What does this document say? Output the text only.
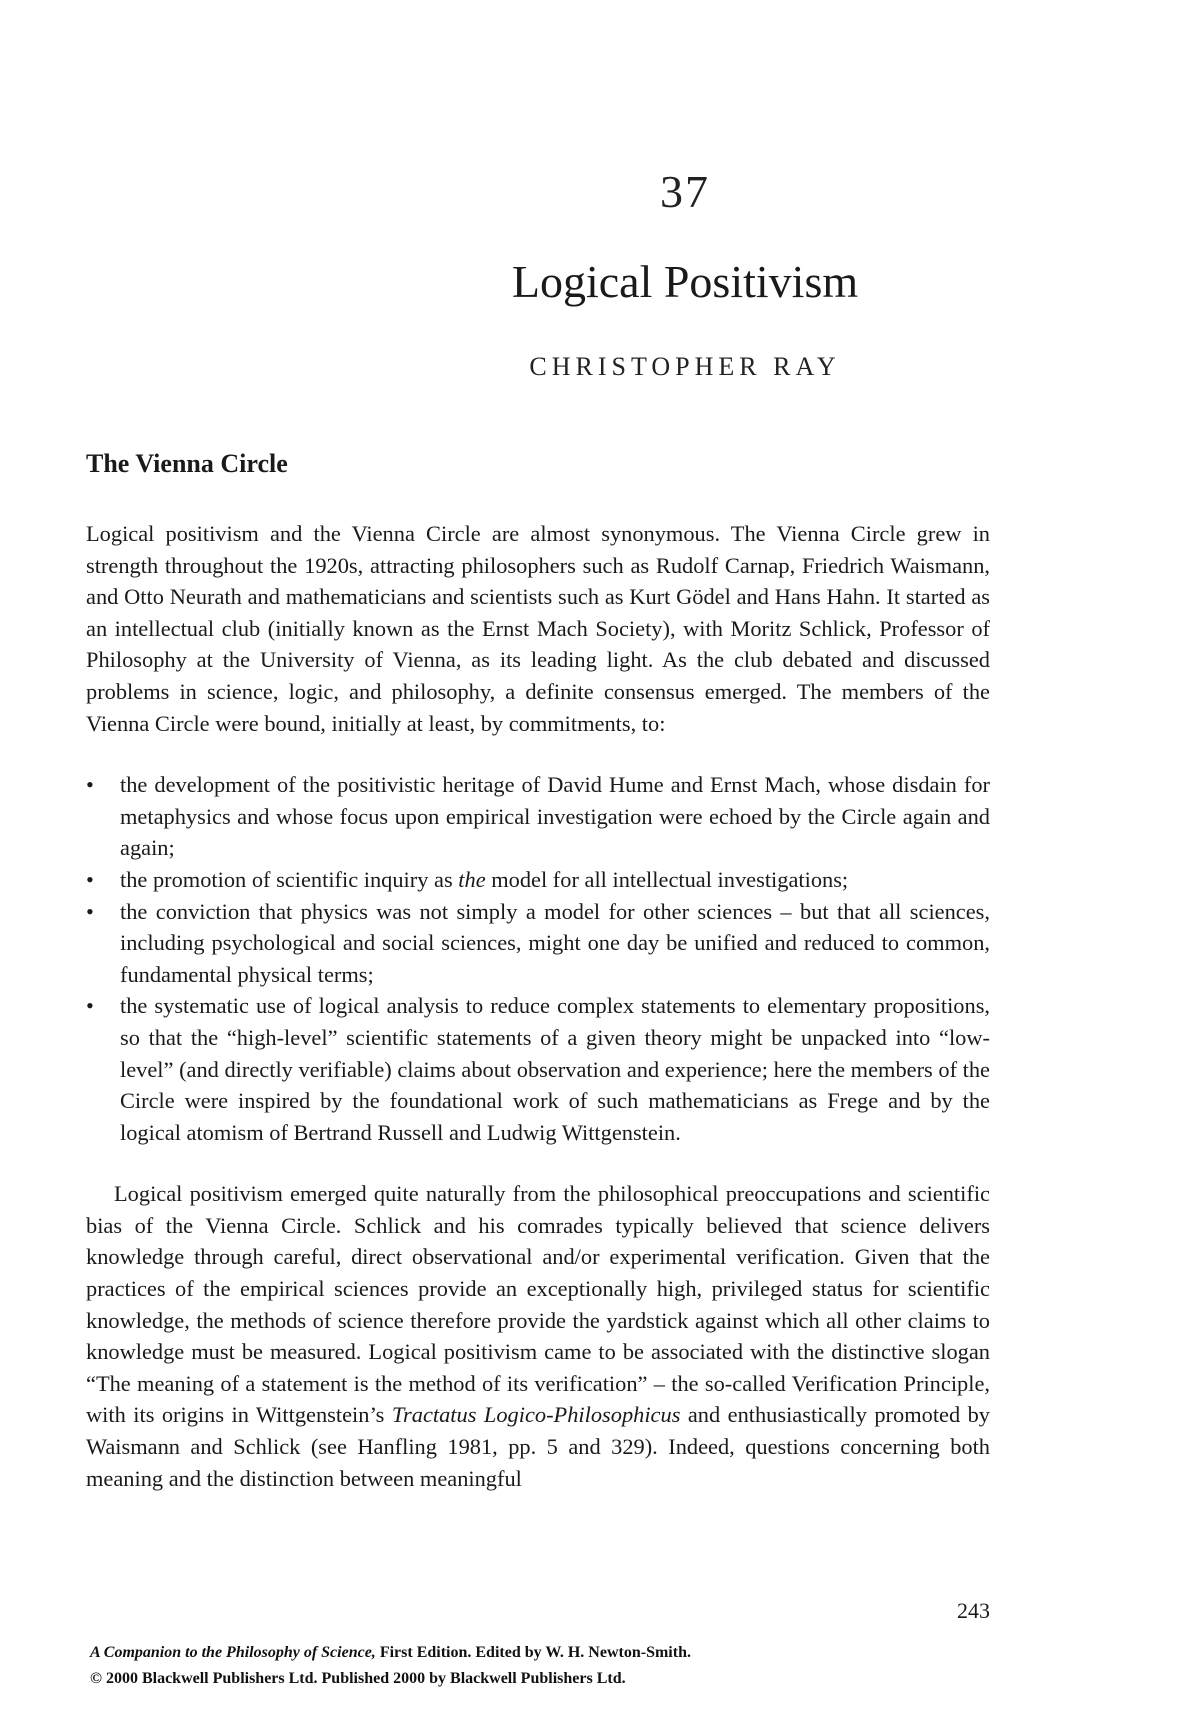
37
Logical Positivism
CHRISTOPHER RAY
The Vienna Circle

Logical positivism and the Vienna Circle are almost synonymous. The Vienna Circle grew in strength throughout the 1920s, attracting philosophers such as Rudolf Carnap, Friedrich Waismann, and Otto Neurath and mathematicians and scientists such as Kurt Gödel and Hans Hahn. It started as an intellectual club (initially known as the Ernst Mach Society), with Moritz Schlick, Professor of Philosophy at the University of Vienna, as its leading light. As the club debated and discussed problems in science, logic, and philosophy, a definite consensus emerged. The members of the Vienna Circle were bound, initially at least, by commitments, to:

• the development of the positivistic heritage of David Hume and Ernst Mach, whose disdain for metaphysics and whose focus upon empirical investigation were echoed by the Circle again and again;
• the promotion of scientific inquiry as the model for all intellectual investigations;
• the conviction that physics was not simply a model for other sciences – but that all sciences, including psychological and social sciences, might one day be unified and reduced to common, fundamental physical terms;
• the systematic use of logical analysis to reduce complex statements to elementary propositions, so that the “high-level” scientific statements of a given theory might be unpacked into “low-level” (and directly verifiable) claims about observation and experience; here the members of the Circle were inspired by the foundational work of such mathematicians as Frege and by the logical atomism of Bertrand Russell and Ludwig Wittgenstein.

Logical positivism emerged quite naturally from the philosophical preoccupations and scientific bias of the Vienna Circle. Schlick and his comrades typically believed that science delivers knowledge through careful, direct observational and/or experimental verification. Given that the practices of the empirical sciences provide an exceptionally high, privileged status for scientific knowledge, the methods of science therefore provide the yardstick against which all other claims to knowledge must be measured. Logical positivism came to be associated with the distinctive slogan “The meaning of a statement is the method of its verification” – the so-called Verification Principle, with its origins in Wittgenstein’s Tractatus Logico-Philosophicus and enthusiastically promoted by Waismann and Schlick (see Hanfling 1981, pp. 5 and 329). Indeed, questions concerning both meaning and the distinction between meaningful

243
A Companion to the Philosophy of Science, First Edition. Edited by W. H. Newton-Smith.
© 2000 Blackwell Publishers Ltd. Published 2000 by Blackwell Publishers Ltd.
